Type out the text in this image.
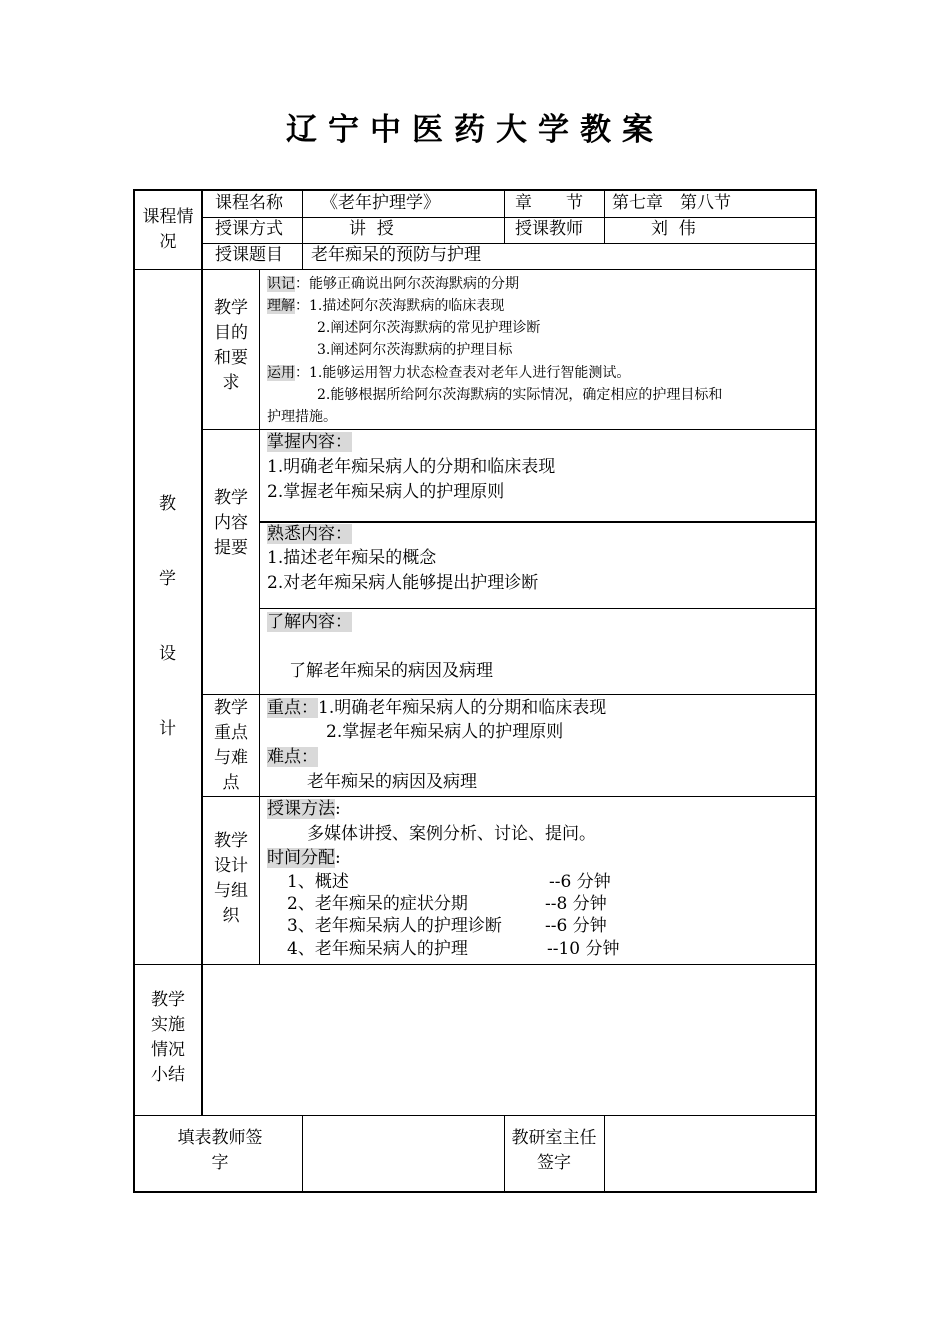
辽宁中医药大学教案
课程情况
课程名称 《老年护理学》	章　　节 第七章　第八节
授课方式	讲  授	授课教师	刘  伟
授课题目 老年痴呆的预防与护理
教
学
设
计
教学目的和要求
识记：能够正确说出阿尔茨海默病的分期
理解：1.描述阿尔茨海默病的临床表现
2.阐述阿尔茨海默病的常见护理诊断
3.阐述阿尔茨海默病的护理目标
运用：1.能够运用智力状态检查表对老年人进行智能测试。
2.能够根据所给阿尔茨海默病的实际情况，确定相应的护理目标和
护理措施。
教学内容提要
掌握内容：
1.明确老年痴呆病人的分期和临床表现
2.掌握老年痴呆病人的护理原则
熟悉内容：
1.描述老年痴呆的概念
2.对老年痴呆病人能够提出护理诊断
了解内容：
了解老年痴呆的病因及病理
教学重点与难点
重点：1.明确老年痴呆病人的分期和临床表现
2.掌握老年痴呆病人的护理原则
难点：
老年痴呆的病因及病理
教学设计与组织
授课方法:
多媒体讲授、案例分析、讨论、提问。
时间分配:
1、概述	--6 分钟
2、老年痴呆的症状分期	--8 分钟
3、老年痴呆病人的护理诊断	--6 分钟
4、老年痴呆病人的护理	--10 分钟
教学实施情况小结
填表教师签字
教研室主任签字
